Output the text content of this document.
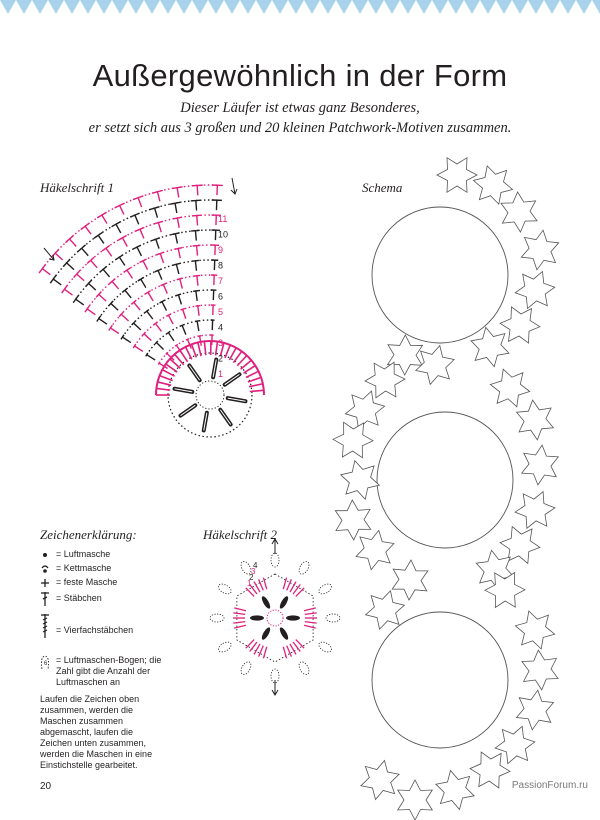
Außergewöhnlich in der Form
Dieser Läufer ist etwas ganz Besonderes,
er setzt sich aus 3 großen und 20 kleinen Patchwork-Motiven zusammen.
Häkelschrift 1	Schema
Häkelschrift 2
1
2
3
4
5
6
7
8
9
10
11
Zeichenerklärung:
= Luftmasche
= Kettmasche
= feste Masche
= Stäbchen
= Vierfachstäbchen
6 = Luftmaschen-Bogen; die Zahl gibt die Anzahl der Luftmaschen an
Laufen die Zeichen oben zusammen, werden die Maschen zusammen abgemascht, laufen die Zeichen unten zusammen, werden die Maschen in eine Einstichstelle gearbeitet.
1
2
3
4
20	PassionForum.ru
